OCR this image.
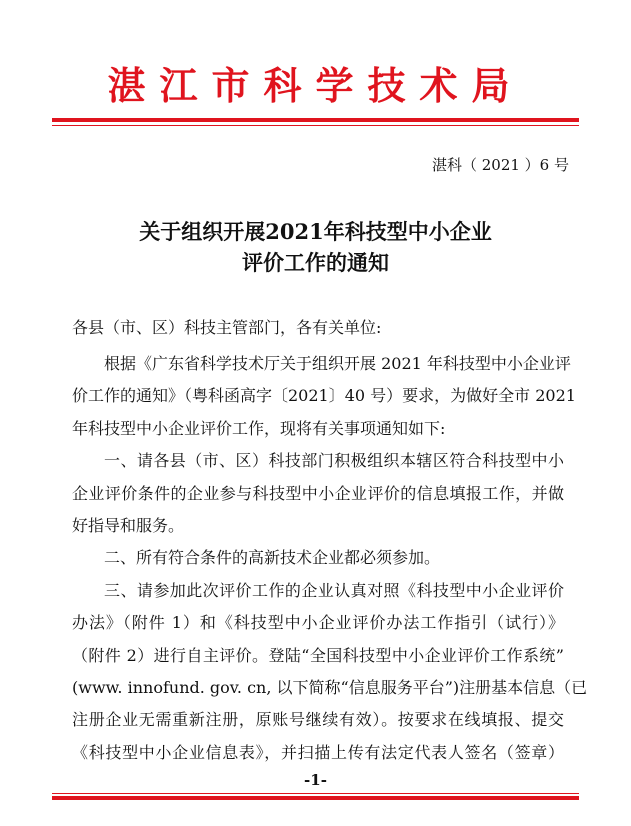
湛江市科学技术局
湛科（ 2021 ）6 号
关于组织开展2021年科技型中小企业
评价工作的通知
各县（市、区）科技主管部门，各有关单位:
根据《广东省科学技术厅关于组织开展 2021 年科技型中小企业评
价工作的通知》（粤科函高字〔2021〕40 号）要求，为做好全市 2021
年科技型中小企业评价工作，现将有关事项通知如下:
一、请各县（市、区）科技部门积极组织本辖区符合科技型中小
企业评价条件的企业参与科技型中小企业评价的信息填报工作，并做
好指导和服务。
二、所有符合条件的高新技术企业都必须参加。
三、请参加此次评价工作的企业认真对照《科技型中小企业评价
办法》（附件 1）和《科技型中小企业评价办法工作指引（试行）》
（附件 2）进行自主评价。登陆“全国科技型中小企业评价工作系统”
(www. innofund. gov. cn, 以下简称“信息服务平台”)注册基本信息（已
注册企业无需重新注册，原账号继续有效）。按要求在线填报、提交
《科技型中小企业信息表》，并扫描上传有法定代表人签名（签章）
-1-
